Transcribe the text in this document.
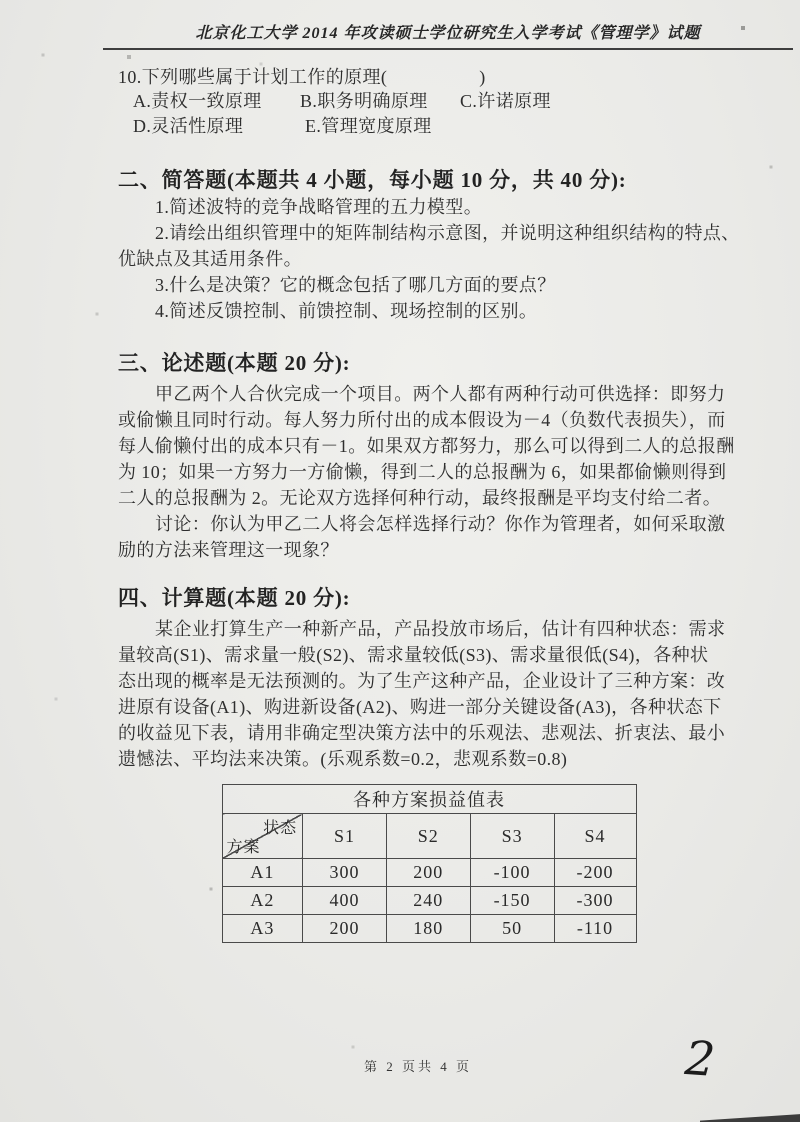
北京化工大学 2014 年攻读硕士学位研究生入学考试《管理学》试题
10.下列哪些属于计划工作的原理(	)
A.责权一致原理 B.职务明确原理 C.许诺原理
D.灵活性原理	E.管理宽度原理
二、简答题(本题共 4 小题，每小题 10 分，共 40 分):
1.简述波特的竞争战略管理的五力模型。
2.请绘出组织管理中的矩阵制结构示意图，并说明这种组织结构的特点、
优缺点及其适用条件。
3.什么是决策？它的概念包括了哪几方面的要点？
4.简述反馈控制、前馈控制、现场控制的区别。
三、论述题(本题 20 分):
甲乙两个人合伙完成一个项目。两个人都有两种行动可供选择：即努力
或偷懒且同时行动。每人努力所付出的成本假设为－4（负数代表损失），而
每人偷懒付出的成本只有－1。如果双方都努力，那么可以得到二人的总报酬
为 10；如果一方努力一方偷懒，得到二人的总报酬为 6，如果都偷懒则得到
二人的总报酬为 2。无论双方选择何种行动，最终报酬是平均支付给二者。
讨论：你认为甲乙二人将会怎样选择行动？你作为管理者，如何采取激
励的方法来管理这一现象？
四、计算题(本题 20 分):
某企业打算生产一种新产品，产品投放市场后，估计有四种状态：需求
量较高(S1)、需求量一般(S2)、需求量较低(S3)、需求量很低(S4)，各种状
态出现的概率是无法预测的。为了生产这种产品，企业设计了三种方案：改
进原有设备(A1)、购进新设备(A2)、购进一部分关键设备(A3)，各种状态下
的收益见下表，请用非确定型决策方法中的乐观法、悲观法、折衷法、最小
遗憾法、平均法来决策。(乐观系数=0.2，悲观系数=0.8)
各种方案损益值表				

状态
方案	S1	S2	S3	S4
A1	300	200	-100	-200
A2	400	240	-150	-300
A3	200	180	50	-110
第 2 页共 4 页	2
